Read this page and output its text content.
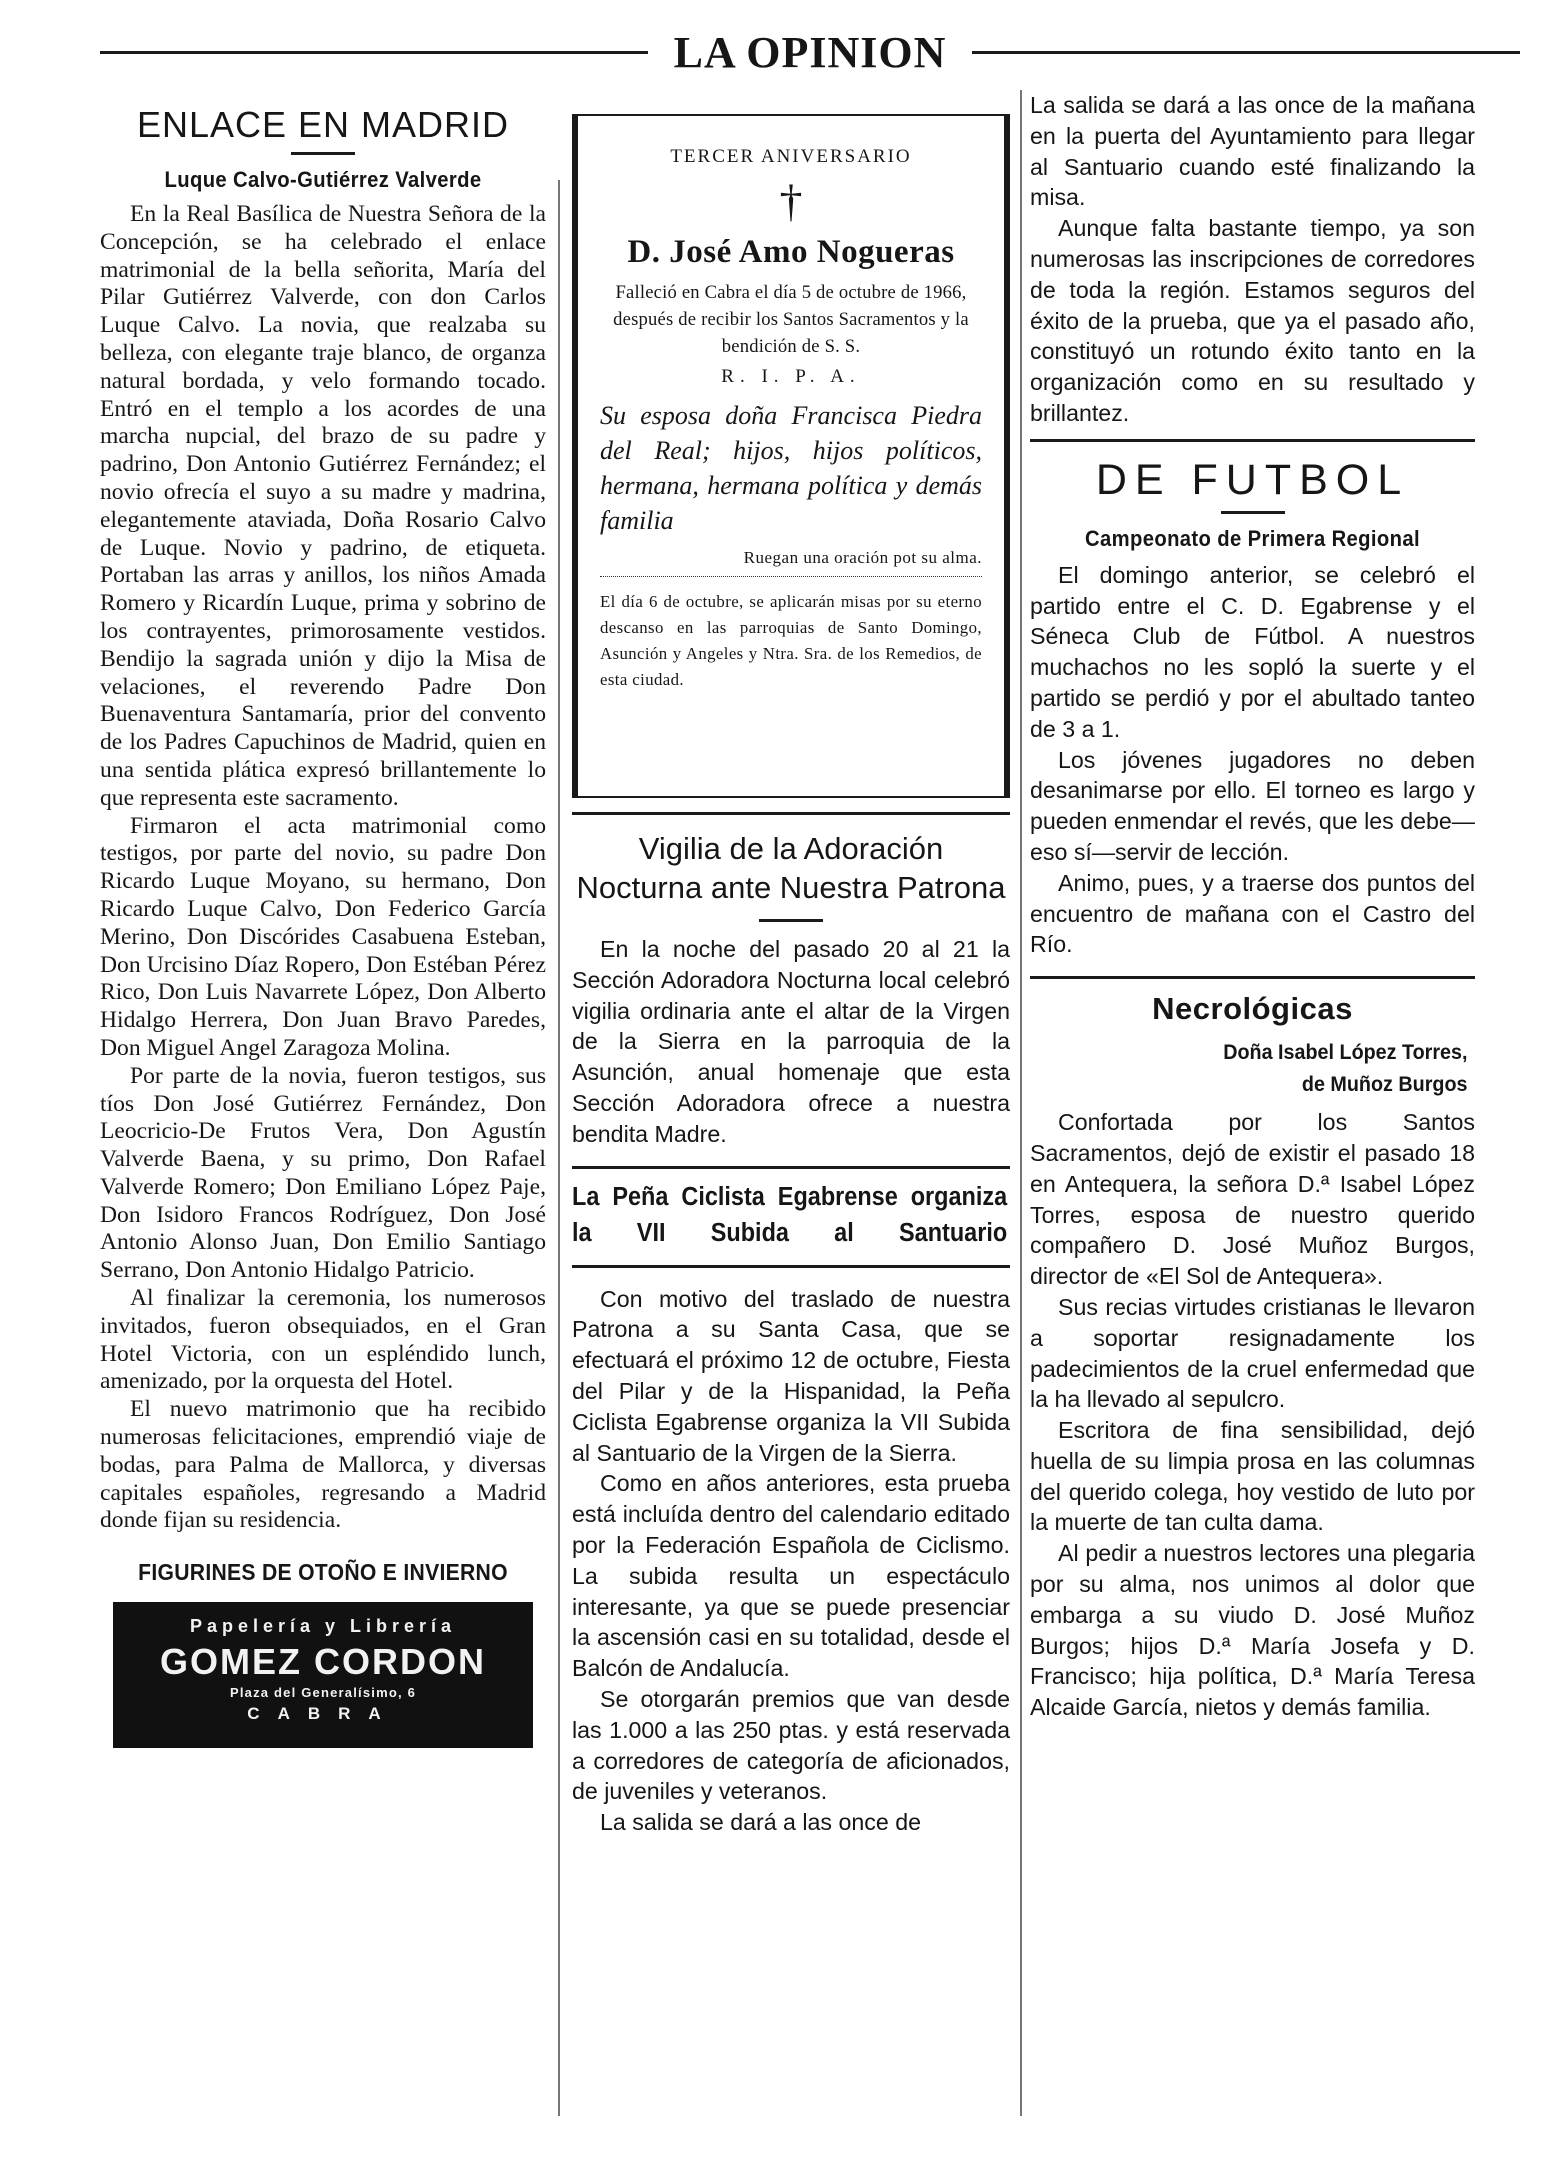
LA OPINION
ENLACE EN MADRID
Luque Calvo-Gutiérrez Valverde

En la Real Basílica de Nuestra Señora de la Concepción, se ha celebrado el enlace matrimonial de la bella señorita, María del Pilar Gutiérrez Valverde, con don Carlos Luque Calvo. La novia, que realzaba su belleza, con elegante traje blanco, de organza natural bordada, y velo formando tocado. Entró en el templo a los acordes de una marcha nupcial, del brazo de su padre y padrino, Don Antonio Gutiérrez Fernández; el novio ofrecía el suyo a su madre y madrina, elegantemente ataviada, Doña Rosario Calvo de Luque. Novio y padrino, de etiqueta. Portaban las arras y anillos, los niños Amada Romero y Ricardín Luque, prima y sobrino de los contrayentes, primorosamente vestidos. Bendijo la sagrada unión y dijo la Misa de velaciones, el reverendo Padre Don Buenaventura Santamaría, prior del convento de los Padres Capuchinos de Madrid, quien en una sentida plática expresó brillantemente lo que representa este sacramento.

Firmaron el acta matrimonial como testigos, por parte del novio, su padre Don Ricardo Luque Moyano, su hermano, Don Ricardo Luque Calvo, Don Federico García Merino, Don Discórides Casabuena Esteban, Don Urcisino Díaz Ropero, Don Estéban Pérez Rico, Don Luis Navarrete López, Don Alberto Hidalgo Herrera, Don Juan Bravo Paredes, Don Miguel Angel Zaragoza Molina.

Por parte de la novia, fueron testigos, sus tíos Don José Gutiérrez Fernández, Don Leocricio-De Frutos Vera, Don Agustín Valverde Baena, y su primo, Don Rafael Valverde Romero; Don Emiliano López Paje, Don Isidoro Francos Rodríguez, Don José Antonio Alonso Juan, Don Emilio Santiago Serrano, Don Antonio Hidalgo Patricio.

Al finalizar la ceremonia, los numerosos invitados, fueron obsequiados, en el Gran Hotel Victoria, con un espléndido lunch, amenizado, por la orquesta del Hotel.

El nuevo matrimonio que ha recibido numerosas felicitaciones, emprendió viaje de bodas, para Palma de Mallorca, y diversas capitales españoles, regresando a Madrid donde fijan su residencia.

FIGURINES DE OTOÑO E INVIERNO
Papelería y Librería
GOMEZ CORDON
Plaza del Generalísimo, 6
CABRA
TERCER ANIVERSARIO
†
D. José Amo Nogueras
Falleció en Cabra el día 5 de octubre de 1966, después de recibir los Santos Sacramentos y la bendición de S. S.
R. I. P. A.
Su esposa doña Francisca Piedra del Real; hijos, hijos políticos, hermana, hermana política y demás familia
Ruegan una oración pot su alma.
El día 6 de octubre, se aplicarán misas por su eterno descanso en las parroquias de Santo Domingo, Asunción y Angeles y Ntra. Sra. de los Remedios, de esta ciudad.
Vigilia de la Adoración Nocturna ante Nuestra Patrona

En la noche del pasado 20 al 21 la Sección Adoradora Nocturna local celebró vigilia ordinaria ante el altar de la Virgen de la Sierra en la parroquia de la Asunción, anual homenaje que esta Sección Adoradora ofrece a nuestra bendita Madre.

La Peña Ciclista Egabrense organiza la VII Subida al Santuario

Con motivo del traslado de nuestra Patrona a su Santa Casa, que se efectuará el próximo 12 de octubre, Fiesta del Pilar y de la Hispanidad, la Peña Ciclista Egabrense organiza la VII Subida al Santuario de la Virgen de la Sierra.

Como en años anteriores, esta prueba está incluída dentro del calendario editado por la Federación Española de Ciclismo. La subida resulta un espectáculo interesante, ya que se puede presenciar la ascensión casi en su totalidad, desde el Balcón de Andalucía.

Se otorgarán premios que van desde las 1.000 a las 250 ptas. y está reservada a corredores de categoría de aficionados, de juveniles y veteranos.

La salida se dará a las once de

La salida se dará a las once de la mañana en la puerta del Ayuntamiento para llegar al Santuario cuando esté finalizando la misa.

Aunque falta bastante tiempo, ya son numerosas las inscripciones de corredores de toda la región. Estamos seguros del éxito de la prueba, que ya el pasado año, constituyó un rotundo éxito tanto en la organización como en su resultado y brillantez.

DE FUTBOL
Campeonato de Primera Regional

El domingo anterior, se celebró el partido entre el C. D. Egabrense y el Séneca Club de Fútbol. A nuestros muchachos no les sopló la suerte y el partido se perdió y por el abultado tanteo de 3 a 1.

Los jóvenes jugadores no deben desanimarse por ello. El torneo es largo y pueden enmendar el revés, que les debe—eso sí—servir de lección.

Animo, pues, y a traerse dos puntos del encuentro de mañana con el Castro del Río.

Necrológicas
Doña Isabel López Torres,
de Muñoz Burgos

Confortada por los Santos Sacramentos, dejó de existir el pasado 18 en Antequera, la señora D.ª Isabel López Torres, esposa de nuestro querido compañero D. José Muñoz Burgos, director de «El Sol de Antequera».

Sus recias virtudes cristianas le llevaron a soportar resignadamente los padecimientos de la cruel enfermedad que la ha llevado al sepulcro.

Escritora de fina sensibilidad, dejó huella de su limpia prosa en las columnas del querido colega, hoy vestido de luto por la muerte de tan culta dama.

Al pedir a nuestros lectores una plegaria por su alma, nos unimos al dolor que embarga a su viudo D. José Muñoz Burgos; hijos D.ª María Josefa y D. Francisco; hija política, D.ª María Teresa Alcaide García, nietos y demás familia.
